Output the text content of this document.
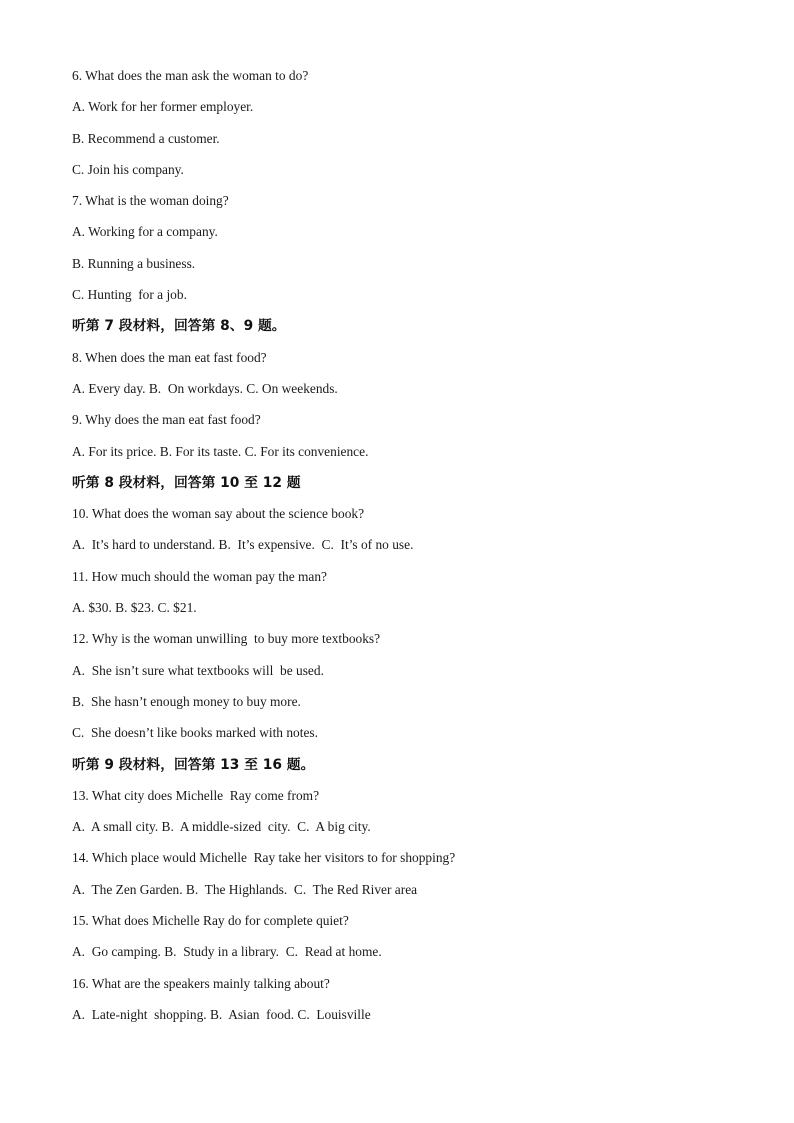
6. What does the man ask the woman to do?
A. Work for her former employer.
B. Recommend a customer.
C. Join his company.
7. What is the woman doing?
A. Working for a company.
B. Running a business.
C. Hunting  for a job.
听第 7 段材料，回答第 8、9 题。
8. When does the man eat fast food?
A. Every day. B.  On workdays. C. On weekends.
9. Why does the man eat fast food?
A. For its price. B. For its taste. C. For its convenience.
听第 8 段材料，回答第 10 至 12 题
10. What does the woman say about the science book?
A.  It’s hard to understand. B.  It’s expensive.  C.  It’s of no use.
11. How much should the woman pay the man?
A. $30. B. $23. C. $21.
12. Why is the woman unwilling  to buy more textbooks?
A.  She isn’t sure what textbooks will  be used.
B.  She hasn’t enough money to buy more.
C.  She doesn’t like books marked with notes.
听第 9 段材料，回答第 13 至 16 题。
13. What city does Michelle  Ray come from?
A.  A small city. B.  A middle-sized  city.  C.  A big city.
14. Which place would Michelle  Ray take her visitors to for shopping?
A.  The Zen Garden. B.  The Highlands.  C.  The Red River area
15. What does Michelle Ray do for complete quiet?
A.  Go camping. B.  Study in a library.  C.  Read at home.
16. What are the speakers mainly talking about?
A.  Late-night  shopping. B.  Asian  food. C.  Louisville
